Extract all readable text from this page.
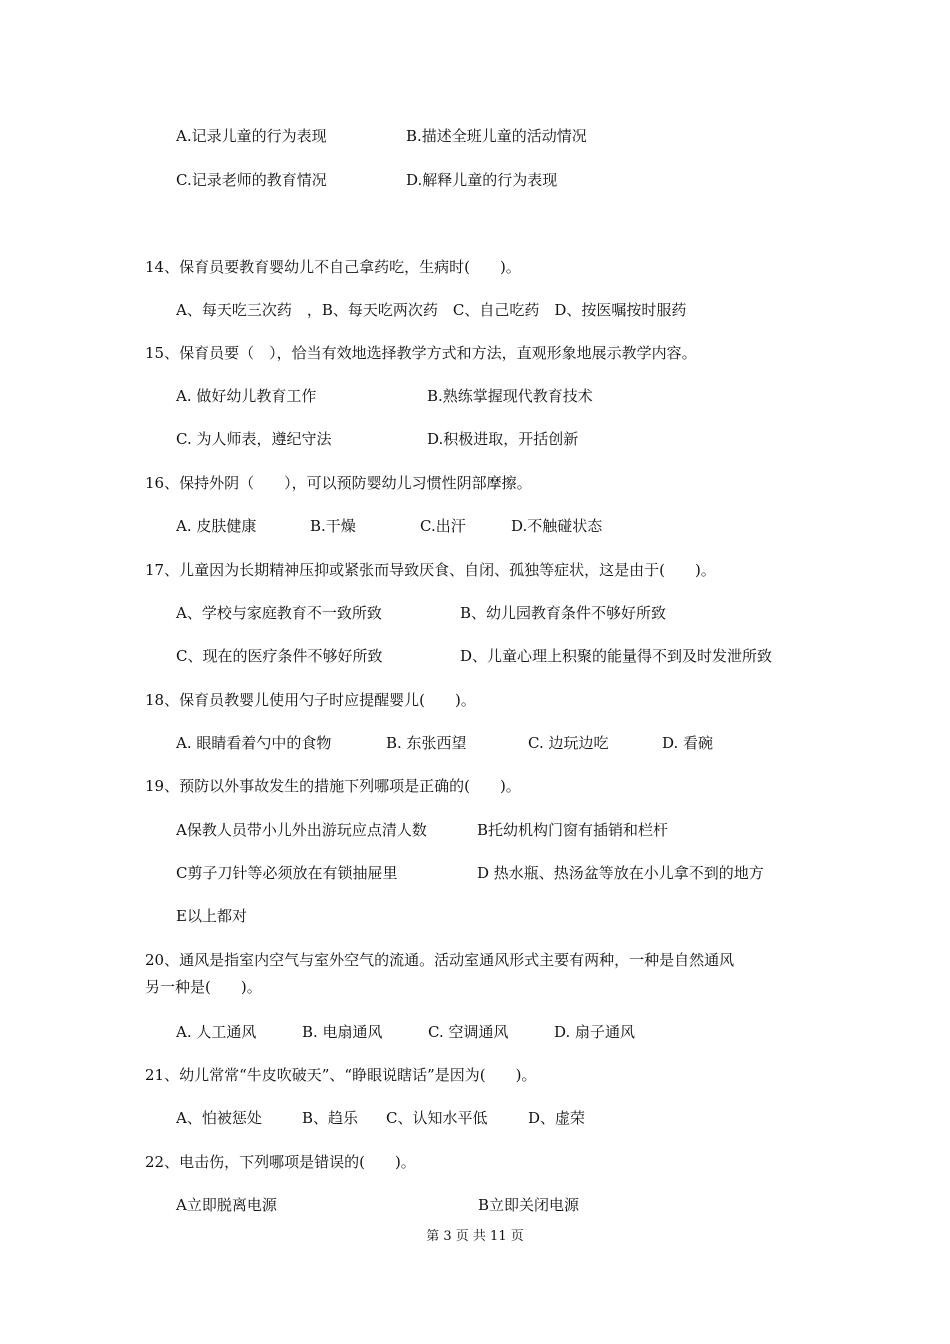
A.记录儿童的行为表现	B.描述全班儿童的活动情况
C.记录老师的教育情况	D.解释儿童的行为表现
14、保育员要教育婴幼儿不自己拿药吃，生病时(　　)。
A、每天吃三次药　，B、每天吃两次药　C、自己吃药　D、按医嘱按时服药
15、保育员要（　），恰当有效地选择教学方式和方法，直观形象地展示教学内容。
A. 做好幼儿教育工作	B.熟练掌握现代教育技术
C. 为人师表，遵纪守法	D.积极进取，开括创新
16、保持外阴（　　），可以预防婴幼儿习惯性阴部摩擦。
A. 皮肤健康	B.干燥	C.出汗	D.不触碰状态
17、儿童因为长期精神压抑或紧张而导致厌食、自闭、孤独等症状，这是由于(　　)。
A、学校与家庭教育不一致所致	B、幼儿园教育条件不够好所致
C、现在的医疗条件不够好所致	D、儿童心理上积聚的能量得不到及时发泄所致
18、保育员教婴儿使用勺子时应提醒婴儿(　　)。
A. 眼睛看着勺中的食物	B. 东张西望	C. 边玩边吃	D. 看碗
19、预防以外事故发生的措施下列哪项是正确的(　　)。
A保教人员带小儿外出游玩应点清人数	B托幼机构门窗有插销和栏杆
C剪子刀针等必须放在有锁抽屉里	D 热水瓶、热汤盆等放在小儿拿不到的地方
E以上都对
20、通风是指室内空气与室外空气的流通。活动室通风形式主要有两种，一种是自然通风
另一种是(　　)。
A. 人工通风	B. 电扇通风	C. 空调通风	D. 扇子通风
21、幼儿常常“牛皮吹破天”、“睁眼说瞎话”是因为(　　)。
A、怕被惩处	B、趋乐 C、认知水平低	D、虚荣
22、电击伤，下列哪项是错误的(　　)。
A立即脱离电源	B立即关闭电源
第 3 页 共 11 页
